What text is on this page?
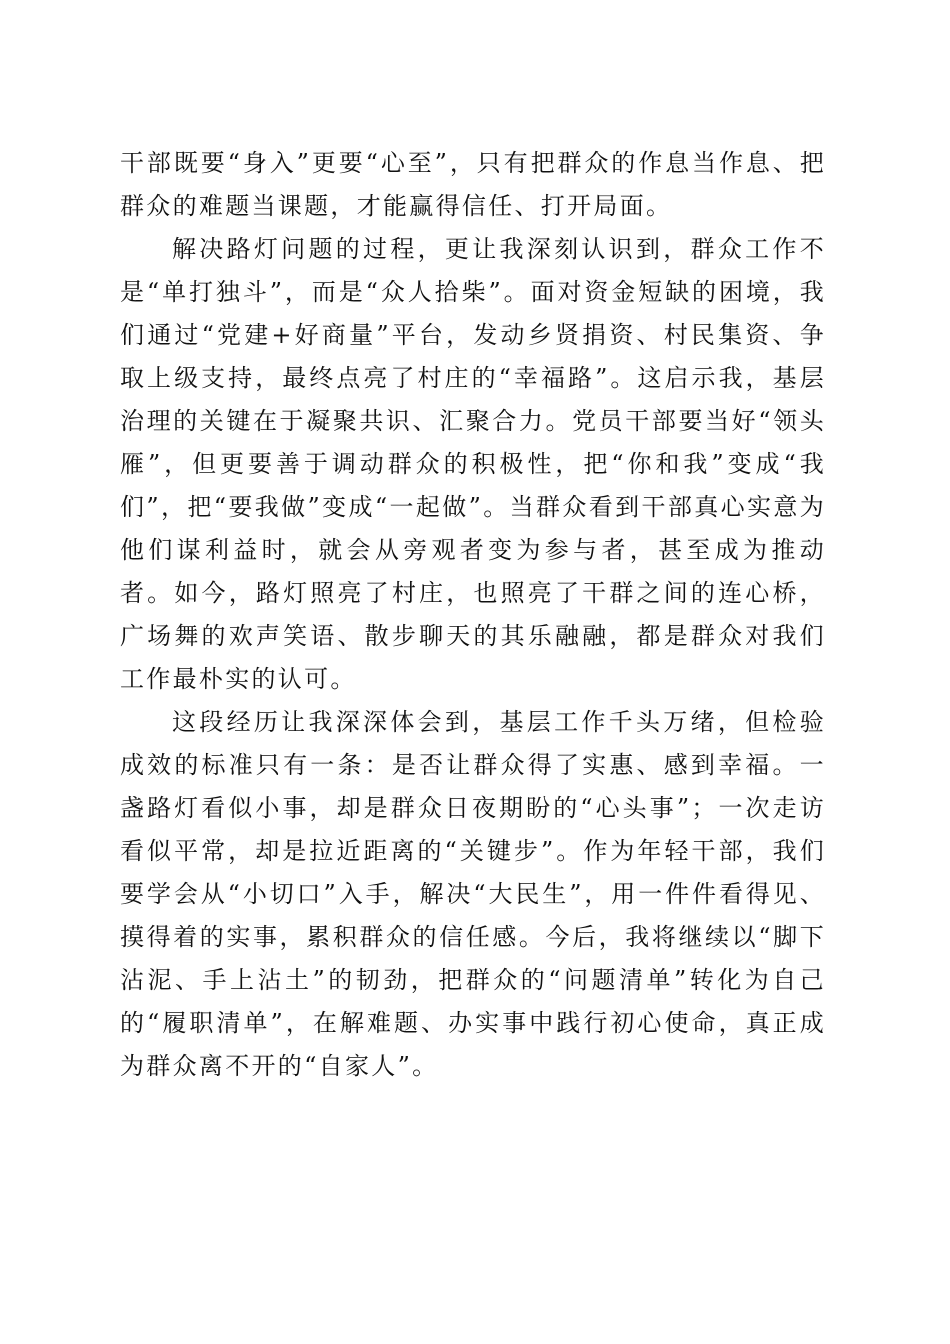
干部既要“身入”更要“心至”，只有把群众的作息当作息、把群众的难题当课题，才能赢得信任、打开局面。

解决路灯问题的过程，更让我深刻认识到，群众工作不是“单打独斗”，而是“众人拾柴”。面对资金短缺的困境，我们通过“党建+好商量”平台，发动乡贤捐资、村民集资、争取上级支持，最终点亮了村庄的“幸福路”。这启示我，基层治理的关键在于凝聚共识、汇聚合力。党员干部要当好“领头雁”，但更要善于调动群众的积极性，把“你和我”变成“我们”，把“要我做”变成“一起做”。当群众看到干部真心实意为他们谋利益时，就会从旁观者变为参与者，甚至成为推动者。如今，路灯照亮了村庄，也照亮了干群之间的连心桥，广场舞的欢声笑语、散步聊天的其乐融融，都是群众对我们工作最朴实的认可。

这段经历让我深深体会到，基层工作千头万绪，但检验成效的标准只有一条：是否让群众得了实惠、感到幸福。一盏路灯看似小事，却是群众日夜期盼的“心头事”；一次走访看似平常，却是拉近距离的“关键步”。作为年轻干部，我们要学会从“小切口”入手，解决“大民生”，用一件件看得见、摸得着的实事，累积群众的信任感。今后，我将继续以“脚下沾泥、手上沾土”的韧劲，把群众的“问题清单”转化为自己的“履职清单”，在解难题、办实事中践行初心使命，真正成为群众离不开的“自家人”。
